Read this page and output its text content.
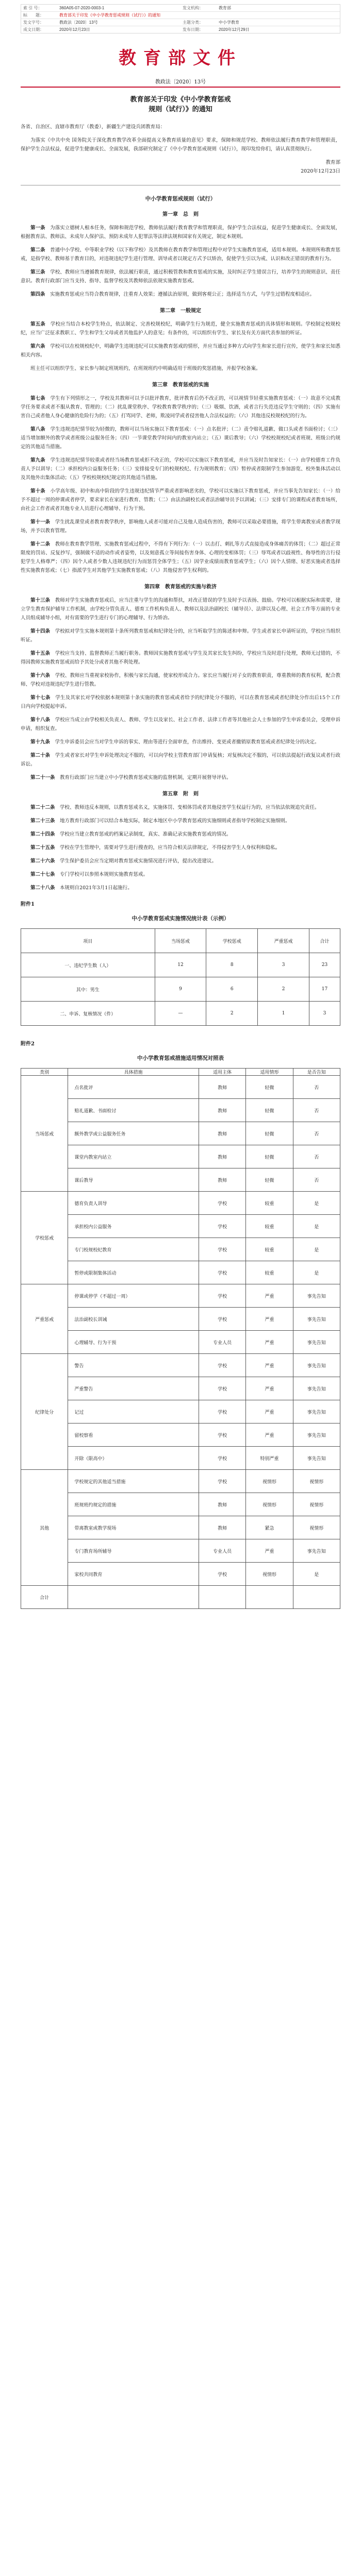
索 引 号：	360A05-07-2020-0003-1	发文机构：	教育部
标　　题：	教育部关于印发《中小学教育惩戒规则（试行）》的通知
发文字号：	教政法〔2020〕13号	主题分类：	中小学教育
成文日期：	2020年12月23日	发布日期：	2020年12月29日
教育部文件
教政法〔2020〕13号
教育部关于印发《中小学教育惩戒
规则（试行）》的通知

各省、自治区、直辖市教育厅（教委），新疆生产建设兵团教育局：

为落实《中共中央 国务院关于深化教育教学改革全面提高义务教育质量的意见》要求，保障和规范学校、教师依法履行教育教学和管理职责，保护学生合法权益，促进学生健康成长、全面发展，我部研究制定了《中小学教育惩戒规则（试行）》，现印发给你们，请认真贯彻执行。

教育部
2020年12月23日
中小学教育惩戒规则（试行）
第一章　总　则

第一条　 为落实立德树人根本任务，保障和规范学校、教师依法履行教育教学和管理职责，保护学生合法权益，促进学生健康成长、全面发展，根据教育法、教师法、未成年人保护法、预防未成年人犯罪法等法律法规和国家有关规定，制定本规则。

第二条　 普通中小学校、中等职业学校（以下称学校）及其教师在教育教学和管理过程中对学生实施教育惩戒，适用本规则。本规则所称教育惩戒，是指学校、教师基于教育目的，对违规违纪学生进行管理、训导或者以规定方式予以矫治，促使学生引以为戒、认识和改正错误的教育行为。

第三条　 学校、教师应当遵循教育规律，依法履行职责，通过积极管教和教育惩戒的实施，及时纠正学生错误言行，培养学生的规则意识、责任意识。教育行政部门应当支持、指导、监督学校及其教师依法依规实施教育惩戒。

第四条　 实施教育惩戒应当符合教育规律，注重育人效果；遵循法治原则，做到客观公正；选择适当方式，与学生过错程度相适应。

第二章　一般规定

第五条　 学校应当结合本校学生特点，依法制定、完善校规校纪，明确学生行为规范，健全实施教育惩戒的具体情形和规则。学校制定校规校纪，应当广泛征求教职工、学生和学生父母或者其他监护人的意见；有条件的，可以组织有学生、家长及有关方面代表参加的听证。

第六条　 学校可以在校规校纪中，明确学生违规违纪可以实施教育惩戒的情形，并应当通过多种方式向学生和家长进行宣传，使学生和家长知悉相关内容。

班主任可以组织学生、家长参与制定班规班约，在班规班约中明确适用于班级的奖惩措施，并报学校备案。

第三章　教育惩戒的实施

第七条　 学生有下列情形之一，学校及其教师可以予以批评教育，批评教育后仍不改正的，可以视情节轻重实施教育惩戒：（一）故意不完成教学任务要求或者不服从教育、管理的；（二）扰乱课堂秩序、学校教育教学秩序的；（三）吸烟、饮酒，或者言行失范违反学生守则的；（四）实施有害自己或者他人身心健康的危险行为的；（五）打骂同学、老师，欺凌同学或者侵害他人合法权益的；（六）其他违反校规校纪的行为。

第八条　 学生违规违纪情节较为轻微的，教师可以当场实施以下教育惩戒：（一）点名批评；（二）责令赔礼道歉、做口头或者书面检讨；（三）适当增加额外的教学或者班级公益服务任务；（四）一节课堂教学时间内的教室内站立；（五）课后教导；（六）学校校规校纪或者班规、班级公约规定的其他适当措施。

第九条　 学生违规违纪情节较重或者经当场教育惩戒拒不改正的，学校可以实施以下教育惩戒，并应当及时告知家长：（一）由学校德育工作负责人予以训导；（二）承担校内公益服务任务；（三）安排接受专门的校规校纪、行为规则教育；（四）暂停或者限制学生参加游览、校外集体活动以及其他外出集体活动；（五）学校校规校纪规定的其他适当措施。

第十条　 小学高年级、初中和高中阶段的学生违规违纪情节严重或者影响恶劣的，学校可以实施以下教育惩戒，并应当事先告知家长：（一）给予不超过一周的停课或者停学，要求家长在家进行教育、管教；（二）由法治副校长或者法治辅导员予以训诫；（三）安排专门的课程或者教育场所，由社会工作者或者其他专业人员进行心理辅导、行为干预。

第十一条　 学生扰乱课堂或者教育教学秩序，影响他人或者可能对自己及他人造成伤害的，教师可以采取必要措施，将学生带离教室或者教学现场，并予以教育管理。

第十二条　 教师在教育教学管理、实施教育惩戒过程中，不得有下列行为：（一）以击打、刺扎等方式直接造成身体痛苦的体罚；（二）超过正常限度的罚站、反复抄写，强制做不适的动作或者姿势，以及刻意孤立等间接伤害身体、心理的变相体罚；（三）辱骂或者以歧视性、侮辱性的言行侵犯学生人格尊严；（四）因个人或者少数人违规违纪行为而惩罚全体学生；（五）因学业成绩而教育惩戒学生；（六）因个人情绪、好恶实施或者选择性实施教育惩戒；（七）指派学生对其他学生实施教育惩戒；（八）其他侵害学生权利的。

第四章　教育惩戒的实施与救济

第十三条　 教师对学生实施教育惩戒后，应当注重与学生的沟通和帮扶，对改正错误的学生及时予以表扬、鼓励。学校可以根据实际和需要，建立学生教育保护辅导工作机制，由学校分管负责人、德育工作机构负责人、教师以及法治副校长（辅导员）、法律以及心理、社会工作等方面的专业人员组成辅导小组，对有需要的学生进行专门的心理辅导、行为矫治。

第十四条　 学校拟对学生实施本规则第十条所列教育惩戒和纪律处分的，应当听取学生的陈述和申辩。学生或者家长申请听证的，学校应当组织听证。

第十五条　 学校应当支持、监督教师正当履行职务。教师因实施教育惩戒与学生及其家长发生纠纷，学校应当及时进行处理，教师无过错的，不得因教师实施教育惩戒而给予其处分或者其他不利处理。

第十六条　 学校、教师应当重视家校协作，积极与家长沟通，使家校形成合力。家长应当履行对子女的教育职责，尊重教师的教育权利，配合教师、学校对违规违纪学生进行管教。

第十七条　 学生及其家长对学校依据本规则第十条实施的教育惩戒或者给予的纪律处分不服的，可以在教育惩戒或者纪律处分作出后15个工作日内向学校提起申诉。

第十八条　 学校应当成立由学校相关负责人、教师、学生以及家长、社会工作者、法律工作者等其他社会人士参加的学生申诉委员会，受理申诉申请，组织复查。

第十九条　 学生申诉委员会应当对学生申诉的事实、理由等进行全面审查，作出维持、变更或者撤销原教育惩戒或者纪律处分的决定。

第二十条　 学生或者家长对学生申诉处理决定不服的，可以向学校主管教育部门申请复核；对复核决定不服的，可以依法提起行政复议或者行政诉讼。

第二十一条　 教育行政部门应当建立中小学校教育惩戒实施的监督机制，定期开展督导评估。

第五章　附　则

第二十二条　 学校、教师违反本规则，以教育惩戒名义，实施体罚、变相体罚或者其他侵害学生权益行为的，应当依法依规追究责任。

第二十三条　 地方教育行政部门可以结合本地实际，制定本地区中小学教育惩戒的实施细则或者指导学校制定实施细则。

第二十四条　 学校应当建立教育惩戒的档案记录制度，真实、准确记录实施教育惩戒的情况。

第二十五条　 学校在学生管理中，需要对学生进行搜查的，应当符合相关法律规定，不得侵害学生人身权利和隐私。

第二十六条　 学生保护委员会应当定期对教育惩戒实施情况进行评估，提出改进建议。

第二十七条　 专门学校可以参照本规则实施教育惩戒。

第二十八条　 本规则自2021年3月1日起施行。

附件1
中小学教育惩戒实施情况统计表（示例）
项目	当场惩戒	学校惩戒	严重惩戒	合计
一、违纪学生数（人）	12	8	3	23
其中：男生	9	6	2	17
二、申诉、复核情况（件）	—	2	1	3
附件2
中小学教育惩戒措施适用情况对照表
类别	具体措施	适用主体	适用情形	是否告知
当场惩戒	点名批评	教师	轻微	否
	赔礼道歉、书面检讨	教师	轻微	否
	额外教学或公益服务任务	教师	轻微	否
	课堂内教室内站立	教师	轻微	否
	课后教导	教师	轻微	否
学校惩戒	德育负责人训导	学校	较重	是
	承担校内公益服务	学校	较重	是
	专门校规校纪教育	学校	较重	是
	暂停或限制集体活动	学校	较重	是
严重惩戒	停课或停学（不超过一周）	学校	严重	事先告知
	法治副校长训诫	学校	严重	事先告知
	心理辅导、行为干预	专业人员	严重	事先告知
纪律处分	警告	学校	严重	事先告知
	严重警告	学校	严重	事先告知
	记过	学校	严重	事先告知
	留校察看	学校	严重	事先告知
	开除（限高中）	学校	特别严重	事先告知
其他	学校规定的其他适当措施	学校	视情形	视情形
	班规班约规定的措施	教师	视情形	视情形
	带离教室或教学现场	教师	紧急	视情形
	专门教育场所辅导	专业人员	严重	事先告知
	家校共同教育	学校	视情形	是
合计				
